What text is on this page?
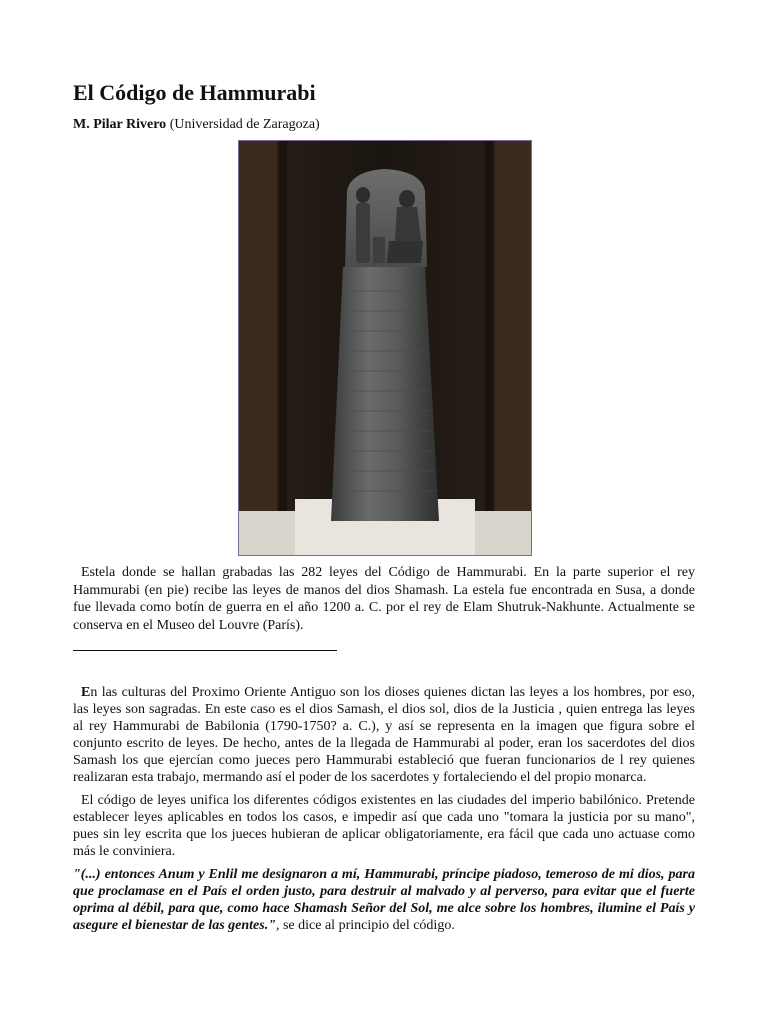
El Código de Hammurabi
M. Pilar Rivero (Universidad de Zaragoza)
Estela donde se hallan grabadas las 282 leyes del Código de Hammurabi. En la parte superior el rey Hammurabi (en pie) recibe las leyes de manos del dios Shamash. La estela fue encontrada en Susa, a donde fue llevada como botín de guerra en el año 1200 a. C. por el rey de Elam Shutruk-Nakhunte. Actualmente se conserva en el Museo del Louvre (París).

En las culturas del Proximo Oriente Antiguo son los dioses quienes dictan las leyes a los hombres, por eso, las leyes son sagradas. En este caso es el dios Samash, el dios sol, dios de la Justicia , quien entrega las leyes al rey Hammurabi de Babilonia (1790-1750? a. C.), y así se representa en la imagen que figura sobre el conjunto escrito de leyes. De hecho, antes de la llegada de Hammurabi al poder, eran los sacerdotes del dios Samash los que ejercían como jueces pero Hammurabi estableció que fueran funcionarios de l rey quienes realizaran esta trabajo, mermando así el poder de los sacerdotes y fortaleciendo el del propio monarca.

El código de leyes unifica los diferentes códigos existentes en las ciudades del imperio babilónico. Pretende establecer leyes aplicables en todos los casos, e impedir así que cada uno "tomara la justicia por su mano", pues sin ley escrita que los jueces hubieran de aplicar obligatoriamente, era fácil que cada uno actuase como más le conviniera.

"(...) entonces Anum y Enlil me designaron a mí, Hammurabi, príncipe piadoso, temeroso de mi dios, para que proclamase en el País el orden justo, para destruir al malvado y al perverso, para evitar que el fuerte oprima al débil, para que, como hace Shamash Señor del Sol, me alce sobre los hombres, ilumine el País y asegure el bienestar de las gentes.", se dice al principio del código.
